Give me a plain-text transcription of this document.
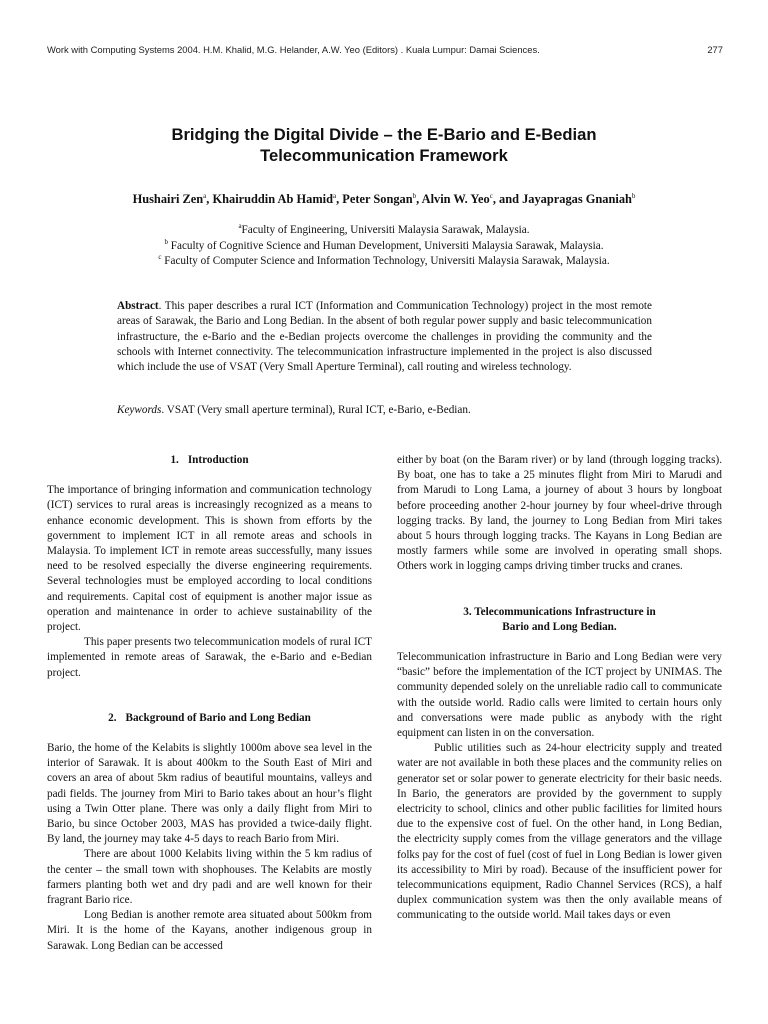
Work with Computing Systems 2004. H.M. Khalid, M.G. Helander, A.W. Yeo (Editors) . Kuala Lumpur: Damai Sciences.	277
Bridging the Digital Divide – the E-Bario and E-Bedian
Telecommunication Framework
Hushairi Zen$^a$, Khairuddin Ab Hamid$^a$, Peter Songan$^b$, Alvin W. Yeo$^c$, and Jayapragas Gnaniah$^b$
$^a$Faculty of Engineering, Universiti Malaysia Sarawak, Malaysia.
$^b$ Faculty of Cognitive Science and Human Development, Universiti Malaysia Sarawak, Malaysia.
$^c$ Faculty of Computer Science and Information Technology, Universiti Malaysia Sarawak, Malaysia.
Abstract. This paper describes a rural ICT (Information and Communication Technology) project in the most remote areas of Sarawak, the Bario and Long Bedian. In the absent of both regular power supply and basic telecommunication infrastructure, the e-Bario and the e-Bedian projects overcome the challenges in providing the community and the schools with Internet connectivity. The telecommunication infrastructure implemented in the project is also discussed which include the use of VSAT (Very Small Aperture Terminal), call routing and wireless technology.
Keywords. VSAT (Very small aperture terminal), Rural ICT, e-Bario, e-Bedian.

1. Introduction

The importance of bringing information and communication technology (ICT) services to rural areas is increasingly recognized as a means to enhance economic development. This is shown from efforts by the government to implement ICT in all remote areas and schools in Malaysia. To implement ICT in remote areas successfully, many issues need to be resolved especially the diverse engineering requirements. Several technologies must be employed according to local conditions and requirements. Capital cost of equipment is another major issue as operation and maintenance in order to achieve sustainability of the project.

This paper presents two telecommunication models of rural ICT implemented in remote areas of Sarawak, the e-Bario and e-Bedian project.

2. Background of Bario and Long Bedian

Bario, the home of the Kelabits is slightly 1000m above sea level in the interior of Sarawak. It is about 400km to the South East of Miri and covers an area of about 5km radius of beautiful mountains, valleys and padi fields. The journey from Miri to Bario takes about an hour’s flight using a Twin Otter plane. There was only a daily flight from Miri to Bario, bu since October 2003, MAS has provided a twice-daily flight. By land, the journey may take 4-5 days to reach Bario from Miri.

There are about 1000 Kelabits living within the 5 km radius of the center – the small town with shophouses. The Kelabits are mostly farmers planting both wet and dry padi and are well known for their fragrant Bario rice.

Long Bedian is another remote area situated about 500km from Miri. It is the home of the Kayans, another indigenous group in Sarawak. Long Bedian can be accessed

either by boat (on the Baram river) or by land (through logging tracks). By boat, one has to take a 25 minutes flight from Miri to Marudi and from Marudi to Long Lama, a journey of about 3 hours by longboat before proceeding another 2-hour journey by four wheel-drive through logging tracks. By land, the journey to Long Bedian from Miri takes about 5 hours through logging tracks. The Kayans in Long Bedian are mostly farmers while some are involved in operating small shops. Others work in logging camps driving timber trucks and cranes.

3. Telecommunications Infrastructure in

Bario and Long Bedian.

Telecommunication infrastructure in Bario and Long Bedian were very “basic” before the implementation of the ICT project by UNIMAS. The community depended solely on the unreliable radio call to communicate with the outside world. Radio calls were limited to certain hours only and conversations were made public as anybody with the right equipment can listen in on the conversation.

Public utilities such as 24-hour electricity supply and treated water are not available in both these places and the community relies on generator set or solar power to generate electricity for their basic needs. In Bario, the generators are provided by the government to supply electricity to school, clinics and other public facilities for limited hours due to the expensive cost of fuel. On the other hand, in Long Bedian, the electricity supply comes from the village generators and the village folks pay for the cost of fuel (cost of fuel in Long Bedian is lower given its accessibility to Miri by road). Because of the insufficient power for telecommunications equipment, Radio Channel Services (RCS), a half duplex communication system was then the only available means of communicating to the outside world. Mail takes days or even
